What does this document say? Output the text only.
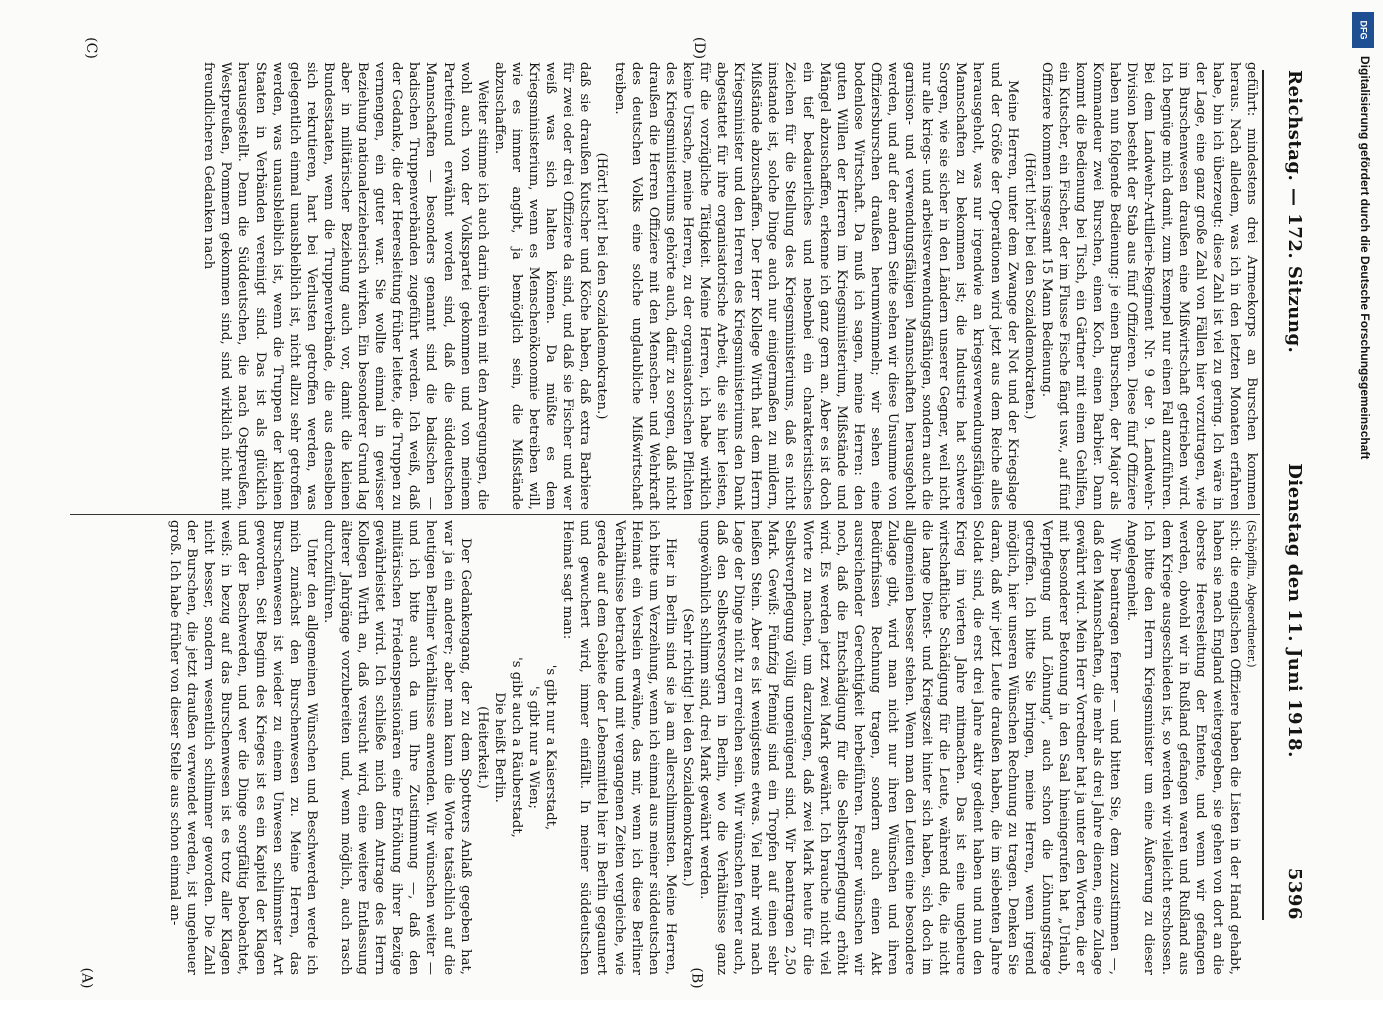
Reichstag. — 172. Sitzung.
Dienstag den 11. Juni 1918.
5396

(Schöpflin, Abgeordneter.)

sich: die englischen Offiziere haben die Listen in der Hand gehabt, haben sie nach England weitergegeben, sie gehen von dort an die oberste Heeresleitung der Entente, und wenn wir gefangen werden, obwohl wir in Rußland gefangen waren und Rußland aus dem Kriege ausgeschieden ist, so werden wir vielleicht erschossen. Ich bitte den Herrn Kriegsminister um eine Äußerung zu dieser Angelegenheit.

Wir beantragen ferner — und bitten Sie, dem zuzustimmen —, daß den Mannschaften, die mehr als drei Jahre dienen, eine Zulage gewährt wird. Mein Herr Vorredner hat ja unter den Worten, die er mit besonderer Betonung in den Saal hineingerufen hat „Urlaub, Verpflegung und Löhnung", auch schon die Löhnungsfrage getroffen. Ich bitte Sie bringen, meine Herren, wenn irgend möglich, hier unseren Wünschen Rechnung zu tragen. Denken Sie daran, daß wir jetzt Leute draußen haben, die im siebenten Jahre Soldat sind, die erst drei Jahre aktiv gedient haben und nun den Krieg im vierten Jahre mitmachen. Das ist eine ungeheure wirtschaftliche Schädigung für die Leute, während die, die nicht die lange Dienst- und Kriegszeit hinter sich haben, sich doch im allgemeinen besser stehen. Wenn man den Leuten eine besondere Zulage gibt, wird man nicht nur ihren Wünschen und ihren Bedürfnissen Rechnung tragen, sondern auch einen Akt ausreichender Gerechtigkeit herbeiführen. Ferner wünschen wir noch, daß die Entschädigung für die Selbstverpflegung erhöht wird. Es werden jetzt zwei Mark gewährt. Ich brauche nicht viel Worte zu machen, um darzulegen, daß zwei Mark heute für die Selbstverpflegung völlig ungenügend sind. Wir beantragen 2,50 Mark. Gewiß: Fünfzig Pfennig sind ein Tropfen auf einen sehr heißen Stein. Aber es ist wenigstens etwas. Viel mehr wird nach Lage der Dinge nicht zu erreichen sein. Wir wünschen ferner auch, daß den Selbstversorgern in Berlin, wo die Verhältnisse ganz ungewöhnlich schlimm sind, drei Mark gewährt werden.

(Sehr richtig! bei den Sozialdemokraten.)

Hier in Berlin sind sie ja am allerschlimmsten. Meine Herren, ich bitte um Verzeihung, wenn ich einmal aus meiner süddeutschen Heimat ein Verslein erwähne, das mir, wenn ich diese Berliner Verhältnisse betrachte und mit vergangenen Zeiten vergleiche, wie gerade auf dem Gebiete der Lebensmittel hier in Berlin gegaunert und gewuchert wird, immer einfällt. In meiner süddeutschen Heimat sagt man:

's gibt nur a Kaiserstadt,

's gibt nur a Wien;

's gibt auch a Räuberstadt,

Die heißt Berlin.

(Heiterkeit.)

Der Gedankengang, der zu dem Spottvers Anlaß gegeben hat, war ja ein anderer; aber man kann die Worte tatsächlich auf die heutigen Berliner Verhältnisse anwenden. Wir wünschen weiter — und ich bitte auch da um Ihre Zustimmung —, daß den militärischen Friedenspensionären eine Erhöhung ihrer Bezüge gewährleistet wird. Ich schließe mich dem Antrage des Herrn Kollegen Wirth an, daß versucht wird, eine weitere Entlassung älterer Jahrgänge vorzubereiten und, wenn möglich, auch rasch durchzuführen.

Unter den allgemeinen Wünschen und Beschwerden werde ich mich zunächst den Burschenwesen zu. Meine Herren, das Burschenwesen ist wieder zu einem Unwesen schlimmster Art geworden. Seit Beginn des Krieges ist es ein Kapitel der Klagen und der Beschwerden, und wer die Dinge sorgfältig beobachtet, weiß: in bezug auf das Burschenwesen ist es trotz aller Klagen nicht besser, sondern wesentlich schlimmer geworden. Die Zahl der Burschen, die jetzt draußen verwendet werden, ist ungeheuer groß. Ich habe früher von dieser Stelle aus schon einmal an-

geführt: mindestens drei Armeekorps an Burschen kommen heraus. Nach alledem, was ich in den letzten Monaten erfahren habe, bin ich überzeugt: diese Zahl ist viel zu gering. Ich wäre in der Lage, eine ganz große Zahl von Fällen hier vorzutragen, wie im Burschenwesen draußen eine Mißwirtschaft getrieben wird. Ich begnüge mich damit, zum Exempel nur einen Fall anzuführen. Bei dem Landwehr-Artillerie-Regiment Nr. 9 der 9. Landwehr-Division besteht der Stab aus fünf Offizieren. Diese fünf Offiziere haben nun folgende Bedienung: je einen Burschen, der Major als Kommandeur zwei Burschen, einen Koch, einen Barbier. Dann kommt die Bedienung bei Tisch, ein Gärtner mit einem Gehilfen, ein Kutscher, ein Fischer, der im Flusse Fische fängt usw., auf fünf Offiziere kommen insgesamt 15 Mann Bedienung.

(Hört! hört! bei den Sozialdemokraten.)

Meine Herren, unter dem Zwange der Not und der Kriegslage und der Größe der Operationen wird jetzt aus dem Reiche alles herausgeholt, was nur irgendwie an kriegsverwendungsfähigen Mannschaften zu bekommen ist; die Industrie hat schwere Sorgen, wie sie sicher in den Ländern unserer Gegner, weil nicht nur alle kriegs- und arbeitsverwendungsfähigen, sondern auch die garnison- und verwendungsfähigen Mannschaften herausgeholt werden, und auf der andern Seite sehen wir diese Unsumme von Offiziersburschen draußen herumwimmeln; wir sehen eine bodenlose Wirtschaft. Da muß ich sagen, meine Herren: den guten Willen der Herren im Kriegsministerium, Mißstände und Mängel abzuschaffen, erkenne ich ganz gern an. Aber es ist doch ein tief bedauerliches und nebenbei ein charakteristisches Zeichen für die Stellung des Kriegsministeriums, daß es nicht imstande ist, solche Dinge auch nur einigermaßen zu mildern, Mißstände abzuschaffen. Der Herr Kollege Wirth hat dem Herrn Kriegsminister und den Herren des Kriegsministeriums den Dank abgestattet für ihre organisatorische Arbeit, die sie hier leisten, für die vorzügliche Tätigkeit. Meine Herren, ich habe wirklich keine Ursache, meine Herren, zu der organisatorischen Pflichten des Kriegsministeriums gehörte auch, dafür zu sorgen, daß nicht draußen die Herren Offiziere mit den Menschen- und Wehrkraft des deutschen Volks eine solche unglaubliche Mißwirtschaft treiben.

(Hört! hört! bei den Sozialdemokraten.)

daß sie draußen Kutscher und Köche haben, daß extra Barbiere für zwei oder drei Offiziere da sind, und daß sie Fischer und wer weiß was sich halten können. Da müßte es dem Kriegsministerium, wenn es Menschenökonomie betreiben will, wie es immer angibt, ja bemöglich sein, die Mißstände abzuschaffen.

Weiter stimme ich auch darin überein mit den Anregungen, die wohl auch von der Volkspartei gekommen und von meinem Parteifreund erwähnt worden sind, daß die süddeutschen Mannschaften — besonders genannt sind die badischen — badischen Truppenverbänden zugeführt werden. Ich weiß, daß der Gedanke, die der Heeresleitung früher leitete, die Truppen zu vermengen, ein guter war. Sie wollte einmal in gewisser Beziehung nationalerzieherisch wirken. Ein besonderer Grund lag aber in militärischer Beziehung auch vor, damit die kleinen Bundesstaaten, wenn die Truppenverbände, die aus denselben sich rekrutieren, hart bei Verlusten getroffen werden, was gelegentlich einmal unausbleiblich ist, nicht allzu sehr getroffen werden, was unausbleiblich ist, wenn die Truppen der kleinen Staaten in Verbänden vereinigt sind. Das ist als glücklich herausgestellt. Denn die Süddeutschen, die nach Ostpreußen, Westpreußen, Pommern gekommen sind, sind wirklich nicht mit freundlicheren Gedanken nach

(A)	(B)
(C)	(D)
DFG
Digitalisierung gefördert durch die Deutsche Forschungsgemeinschaft
